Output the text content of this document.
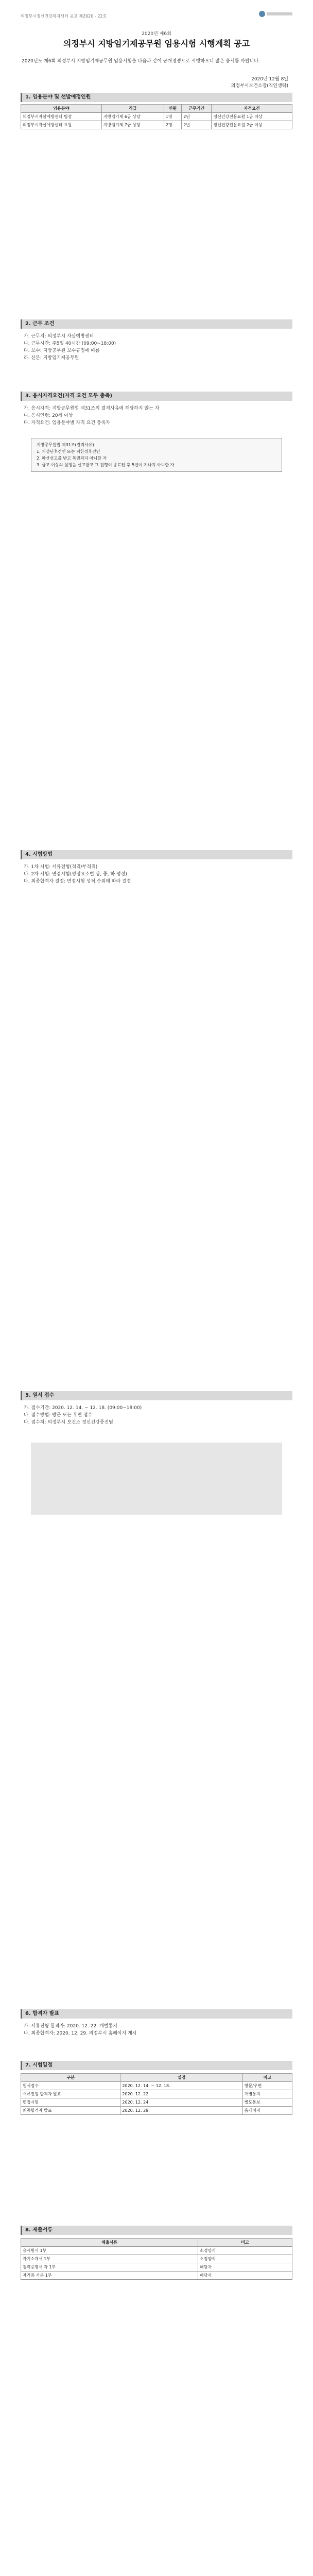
의정부시정신건강복지센터 공고 제2020 - 22호
2020년 제6회
의정부시 지방임기제공무원 임용시험 시행계획 공고
2020년도 제6회 의정부시 지방임기제공무원 임용시험을 다음과 같이 공개경쟁으로 시행하오니 많은 응시를 바랍니다.
2020년 12월 8일
의정부시보건소장(직인생략)
1. 임용분야 및 선발예정인원
임용분야	직급	인원	근무기간	자격요건
의정부시자살예방센터 팀장	지방임기제 6급 상당	1명	2년	정신건강전문요원 1급 이상
의정부시자살예방센터 요원	지방임기제 7급 상당	2명	2년	정신건강전문요원 2급 이상
2. 근무 조건
가. 근무지: 의정부시 자살예방센터
나. 근무시간: 주5일 40시간 (09:00~18:00)
다. 보수: 지방공무원 보수규정에 따름
라. 신분: 지방임기제공무원
3. 응시자격요건(자격 요건 모두 충족)
가. 응시자격: 지방공무원법 제31조의 결격사유에 해당하지 않는 자
나. 응시연령: 20세 이상
다. 자격요건: 임용분야별 자격 요건 충족자
지방공무원법 제31조(결격사유)
1. 피성년후견인 또는 피한정후견인
2. 파산선고를 받고 복권되지 아니한 자
3. 금고 이상의 실형을 선고받고 그 집행이 종료된 후 5년이 지나지 아니한 자
4. 시험방법
가. 1차 시험: 서류전형(적격/부적격)
나. 2차 시험: 면접시험(평정요소별 상, 중, 하 평정)
다. 최종합격자 결정: 면접시험 성적 순위에 따라 결정
5. 원서 접수
가. 접수기간: 2020. 12. 14. ~ 12. 18. (09:00~18:00)
나. 접수방법: 방문 또는 우편 접수
다. 접수처: 의정부시 보건소 정신건강증진팀
6. 합격자 발표
가. 서류전형 합격자: 2020. 12. 22. 개별통지
나. 최종합격자: 2020. 12. 29. 의정부시 홈페이지 게시
7. 시험일정
구분	일정	비고
원서접수	2020. 12. 14. ~ 12. 18.	방문/우편
서류전형 합격자 발표	2020. 12. 22.	개별통지
면접시험	2020. 12. 24.	별도통보
최종합격자 발표	2020. 12. 29.	홈페이지
8. 제출서류
제출서류	비고
응시원서 1부	소정양식
자기소개서 1부	소정양식
경력증명서 각 1부	해당자
자격증 사본 1부	해당자
